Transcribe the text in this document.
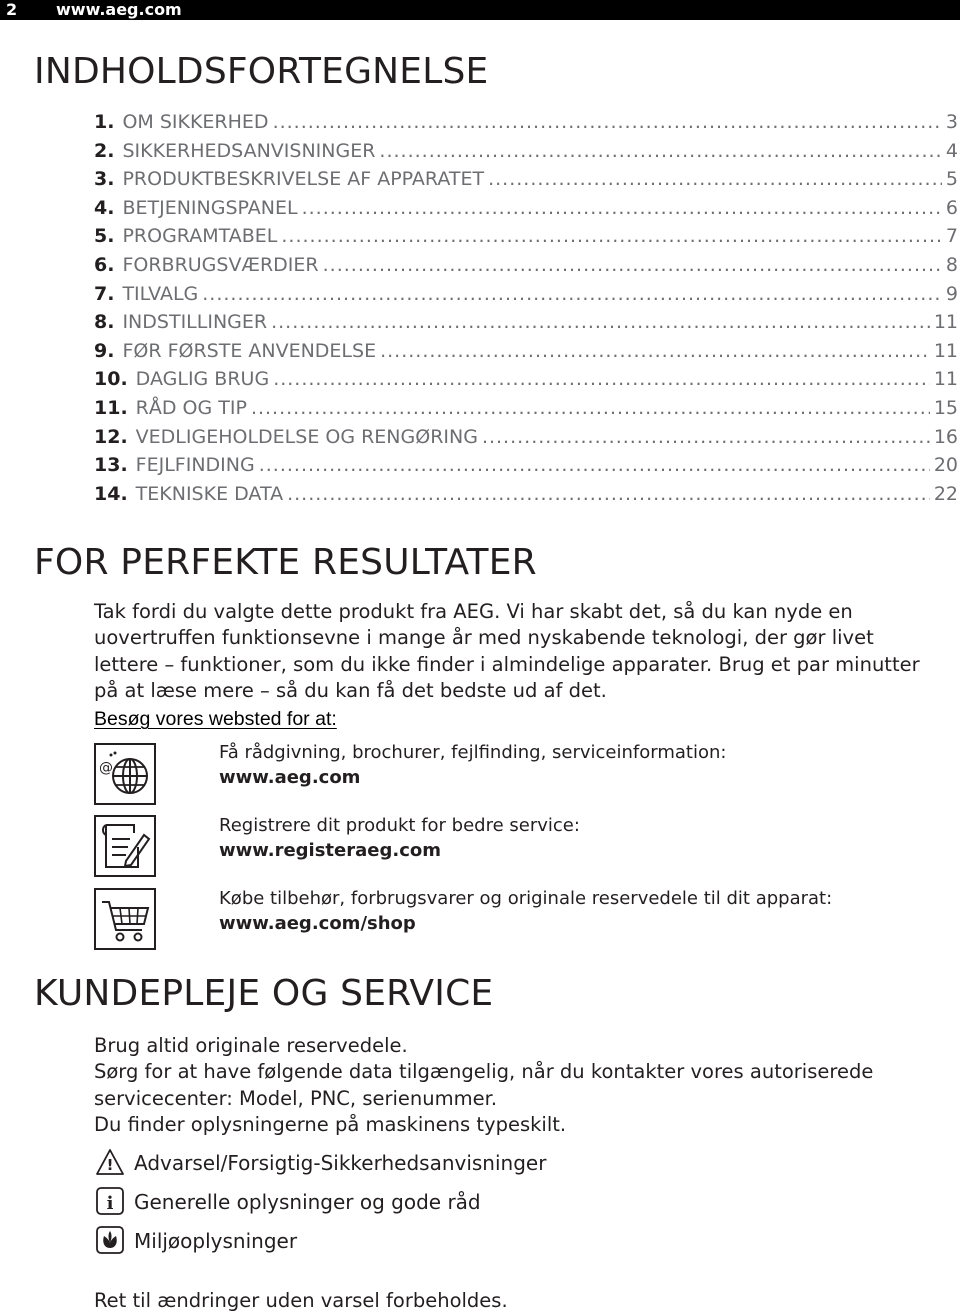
2 www.aeg.com
INDHOLDSFORTEGNELSE
1. OM SIKKERHED .....	3
2. SIKKERHEDSANVISNINGER .....	4
3. PRODUKTBESKRIVELSE AF APPARATET .....	5
4. BETJENINGSPANEL .....	6
5. PROGRAMTABEL .....	7
6. FORBRUGSVÆRDIER .....	8
7. TILVALG .....	9
8. INDSTILLINGER .....	11
9. FØR FØRSTE ANVENDELSE .....	11
10. DAGLIG BRUG .....	11
11. RÅD OG TIP .....	15
12. VEDLIGEHOLDELSE OG RENGØRING .....	16
13. FEJLFINDING .....	20
14. TEKNISKE DATA .....	22
FOR PERFEKTE RESULTATER

Tak fordi du valgte dette produkt fra AEG. Vi har skabt det, så du kan nyde en uovertruffen funktionsevne i mange år med nyskabende teknologi, der gør livet lettere – funktioner, som du ikke finder i almindelige apparater. Brug et par minutter på at læse mere – så du kan få det bedste ud af det.

Besøg vores websted for at:
@
Få rådgivning, brochurer, fejlfinding, serviceinformation:
www.aeg.com
Registrere dit produkt for bedre service:
www.registeraeg.com
Købe tilbehør, forbrugsvarer og originale reservedele til dit apparat:
www.aeg.com/shop
KUNDEPLEJE OG SERVICE
Brug altid originale reservedele.
Sørg for at have følgende data tilgængelig, når du kontakter vores autoriserede servicecenter: Model, PNC, serienummer.
Du finder oplysningerne på maskinens typeskilt.
! Advarsel/Forsigtig-Sikkerhedsanvisninger
i Generelle oplysninger og gode råd
Miljøoplysninger
Ret til ændringer uden varsel forbeholdes.
